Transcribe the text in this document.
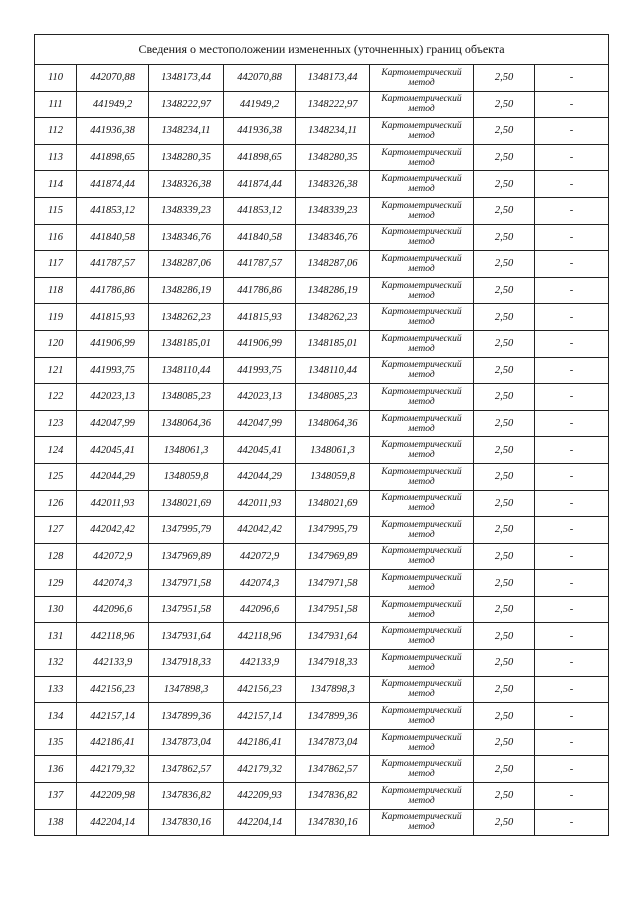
Сведения о местоположении измененных (уточненных) границ объекта							
110	442070,88	1348173,44	442070,88	1348173,44	Картометрический метод	2,50	-
111	441949,2	1348222,97	441949,2	1348222,97	Картометрический метод	2,50	-
112	441936,38	1348234,11	441936,38	1348234,11	Картометрический метод	2,50	-
113	441898,65	1348280,35	441898,65	1348280,35	Картометрический метод	2,50	-
114	441874,44	1348326,38	441874,44	1348326,38	Картометрический метод	2,50	-
115	441853,12	1348339,23	441853,12	1348339,23	Картометрический метод	2,50	-
116	441840,58	1348346,76	441840,58	1348346,76	Картометрический метод	2,50	-
117	441787,57	1348287,06	441787,57	1348287,06	Картометрический метод	2,50	-
118	441786,86	1348286,19	441786,86	1348286,19	Картометрический метод	2,50	-
119	441815,93	1348262,23	441815,93	1348262,23	Картометрический метод	2,50	-
120	441906,99	1348185,01	441906,99	1348185,01	Картометрический метод	2,50	-
121	441993,75	1348110,44	441993,75	1348110,44	Картометрический метод	2,50	-
122	442023,13	1348085,23	442023,13	1348085,23	Картометрический метод	2,50	-
123	442047,99	1348064,36	442047,99	1348064,36	Картометрический метод	2,50	-
124	442045,41	1348061,3	442045,41	1348061,3	Картометрический метод	2,50	-
125	442044,29	1348059,8	442044,29	1348059,8	Картометрический метод	2,50	-
126	442011,93	1348021,69	442011,93	1348021,69	Картометрический метод	2,50	-
127	442042,42	1347995,79	442042,42	1347995,79	Картометрический метод	2,50	-
128	442072,9	1347969,89	442072,9	1347969,89	Картометрический метод	2,50	-
129	442074,3	1347971,58	442074,3	1347971,58	Картометрический метод	2,50	-
130	442096,6	1347951,58	442096,6	1347951,58	Картометрический метод	2,50	-
131	442118,96	1347931,64	442118,96	1347931,64	Картометрический метод	2,50	-
132	442133,9	1347918,33	442133,9	1347918,33	Картометрический метод	2,50	-
133	442156,23	1347898,3	442156,23	1347898,3	Картометрический метод	2,50	-
134	442157,14	1347899,36	442157,14	1347899,36	Картометрический метод	2,50	-
135	442186,41	1347873,04	442186,41	1347873,04	Картометрический метод	2,50	-
136	442179,32	1347862,57	442179,32	1347862,57	Картометрический метод	2,50	-
137	442209,98	1347836,82	442209,93	1347836,82	Картометрический метод	2,50	-
138	442204,14	1347830,16	442204,14	1347830,16	Картометрический метод	2,50	-
